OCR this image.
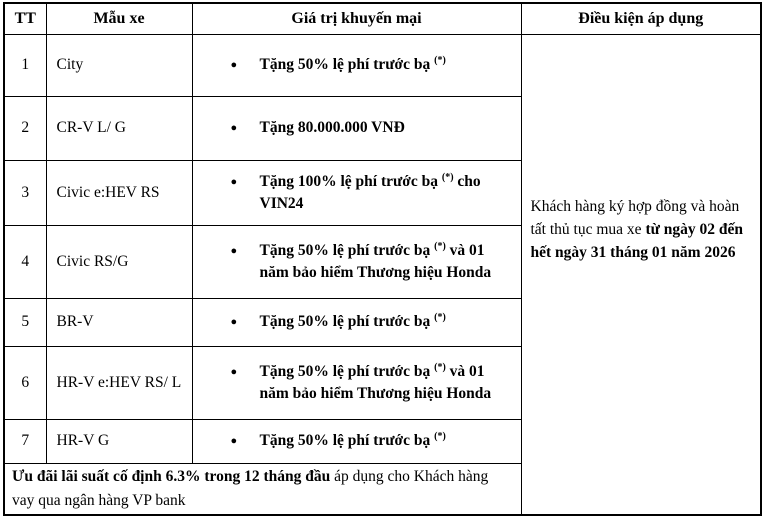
TT	Mẫu xe	Giá trị khuyến mại	Điều kiện áp dụng
1	City	● Tặng 50% lệ phí trước bạ (*)	Khách hàng ký hợp đồng và hoàn tất thủ tục mua xe từ ngày 02 đến hết ngày 31 tháng 01 năm 2026
2	CR-V L/ G	● Tặng 80.000.000 VNĐ	

3	Civic e:HEV RS	● Tặng 100% lệ phí trước bạ (*) cho VIN24	

4	Civic RS/G	● Tặng 50% lệ phí trước bạ (*) và 01 năm bảo hiểm Thương hiệu Honda	

5	BR-V	● Tặng 50% lệ phí trước bạ (*)

6	HR-V e:HEV RS/ L	● Tặng 50% lệ phí trước bạ (*) và 01 năm bảo hiểm Thương hiệu Honda	

7	HR-V G	● Tặng 50% lệ phí trước bạ (*)

Ưu đãi lãi suất cố định 6.3% trong 12 tháng đầu áp dụng cho Khách hàng vay qua ngân hàng VP bank			
